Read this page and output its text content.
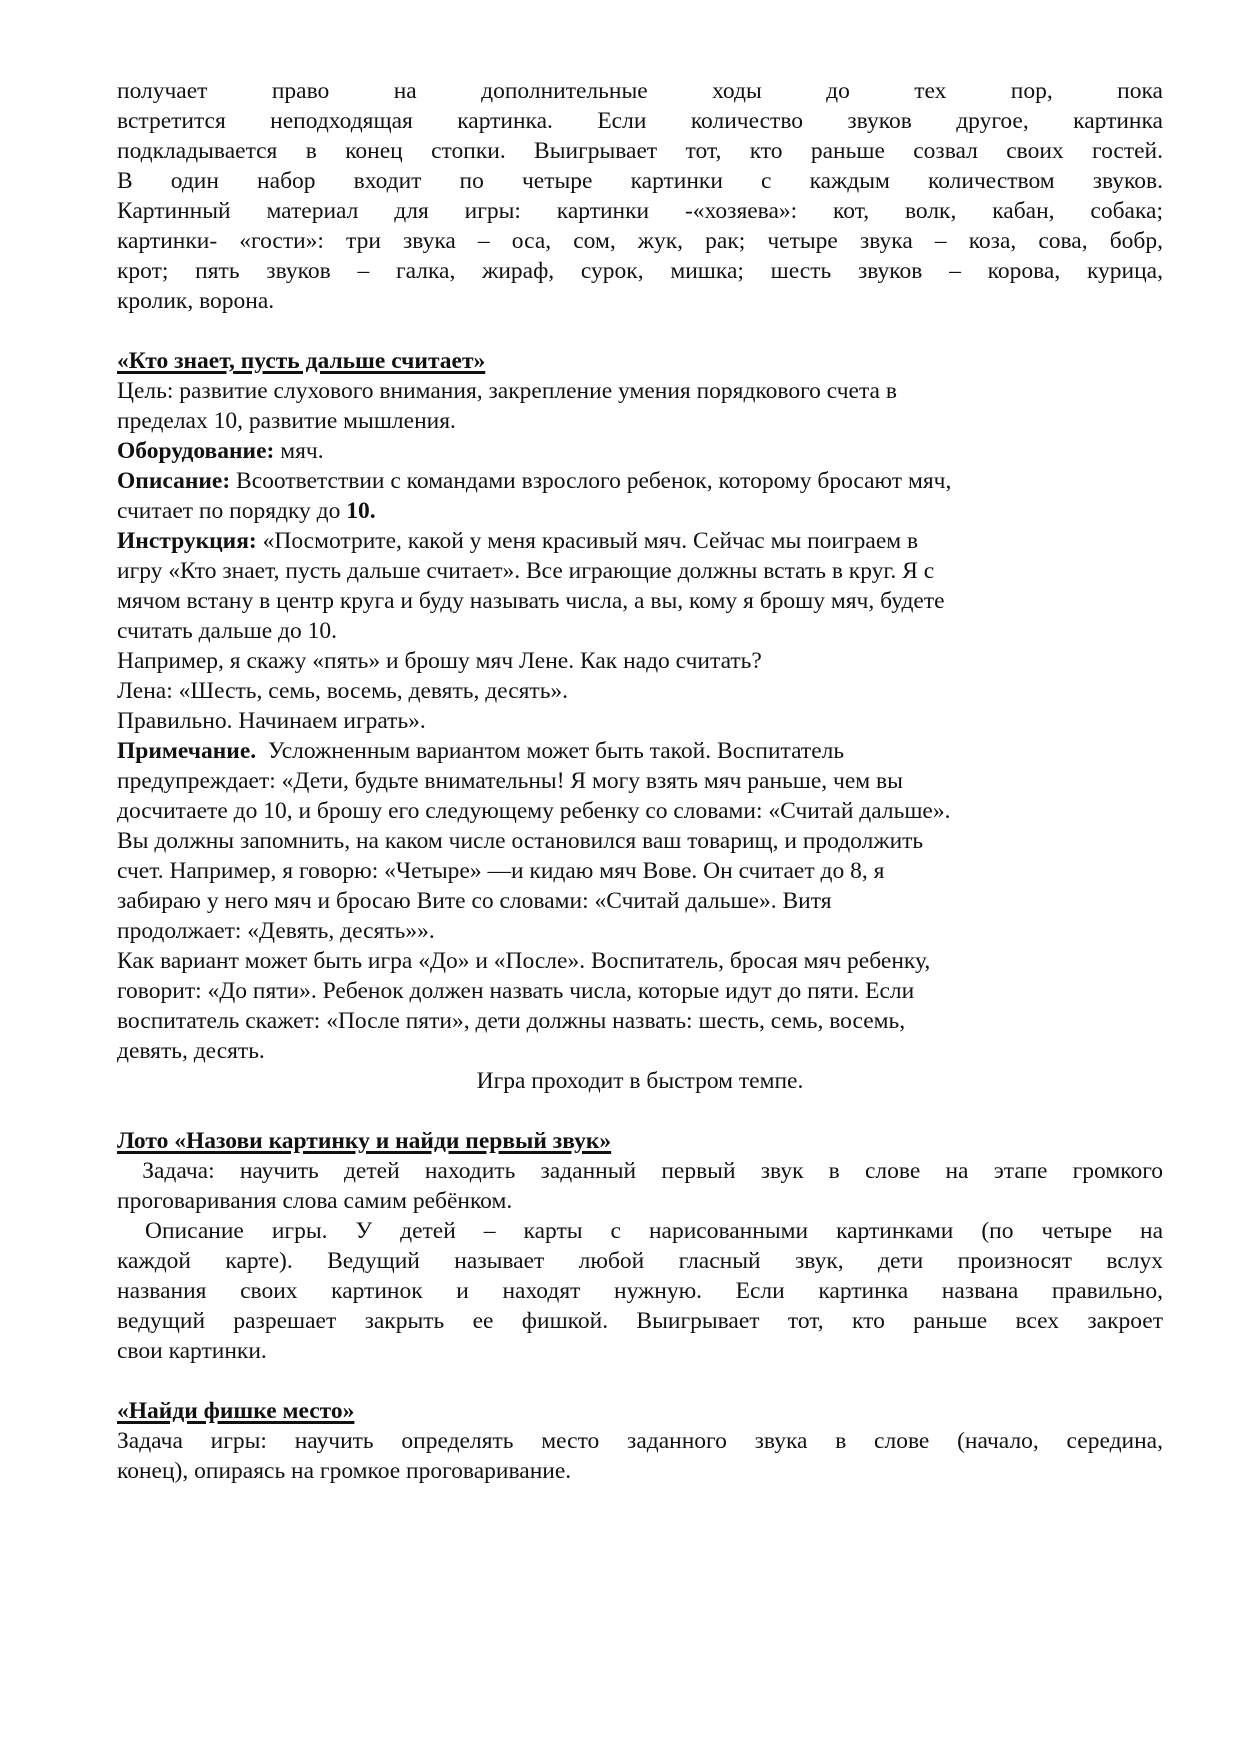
получает право на дополнительные ходы до тех пор, пока
встретится неподходящая картинка. Если количество звуков другое, картинка
подкладывается в конец стопки. Выигрывает тот, кто раньше созвал своих гостей.
В один набор входит по четыре картинки с каждым количеством звуков.
Картинный материал для игры: картинки -«хозяева»: кот, волк, кабан, собака;
картинки- «гости»: три звука – оса, сом, жук, рак; четыре звука – коза, сова, бобр,
крот; пять звуков – галка, жираф, сурок, мишка; шесть звуков – корова, курица,
кролик, ворона.
«Кто знает, пусть дальше считает»
Цель: развитие слухового внимания, закрепление умения порядкового счета в
пределах 10, развитие мышления.
Оборудование: мяч.
Описание: Всоответствии с командами взрослого ребенок, которому бросают мяч,
считает по порядку до 10.
Инструкция: «Посмотрите, какой у меня красивый мяч. Сейчас мы поиграем в
игру «Кто знает, пусть дальше считает». Все играющие должны встать в круг. Я с
мячом встану в центр круга и буду называть числа, а вы, кому я брошу мяч, будете
считать дальше до 10.
Например, я скажу «пять» и брошу мяч Лене. Как надо считать?
Лена: «Шесть, семь, восемь, девять, десять».
Правильно. Начинаем играть».
Примечание.  Усложненным вариантом может быть такой. Воспитатель
предупреждает: «Дети, будьте внимательны! Я могу взять мяч раньше, чем вы
досчитаете до 10, и брошу его следующему ребенку со словами: «Считай дальше».
Вы должны запомнить, на каком числе остановился ваш товарищ, и продолжить
счет. Например, я говорю: «Четыре» —и кидаю мяч Вове. Он считает до 8, я
забираю у него мяч и бросаю Вите со словами: «Считай дальше». Витя
продолжает: «Девять, десять»».
Как вариант может быть игра «До» и «После». Воспитатель, бросая мяч ребенку,
говорит: «До пяти». Ребенок должен назвать числа, которые идут до пяти. Если
воспитатель скажет: «После пяти», дети должны назвать: шесть, семь, восемь,
девять, десять.
Игра проходит в быстром темпе.
Лото «Назови картинку и найди первый звук»
Задача: научить детей находить заданный первый звук в слове на этапе громкого
проговаривания слова самим ребёнком.
Описание игры. У детей – карты с нарисованными картинками (по четыре на
каждой карте). Ведущий называет любой гласный звук, дети произносят вслух
названия своих картинок и находят нужную. Если картинка названа правильно,
ведущий разрешает закрыть ее фишкой. Выигрывает тот, кто раньше всех закроет
свои картинки.
«Найди фишке место»
Задача игры: научить определять место заданного звука в слове (начало, середина,
конец), опираясь на громкое проговаривание.
